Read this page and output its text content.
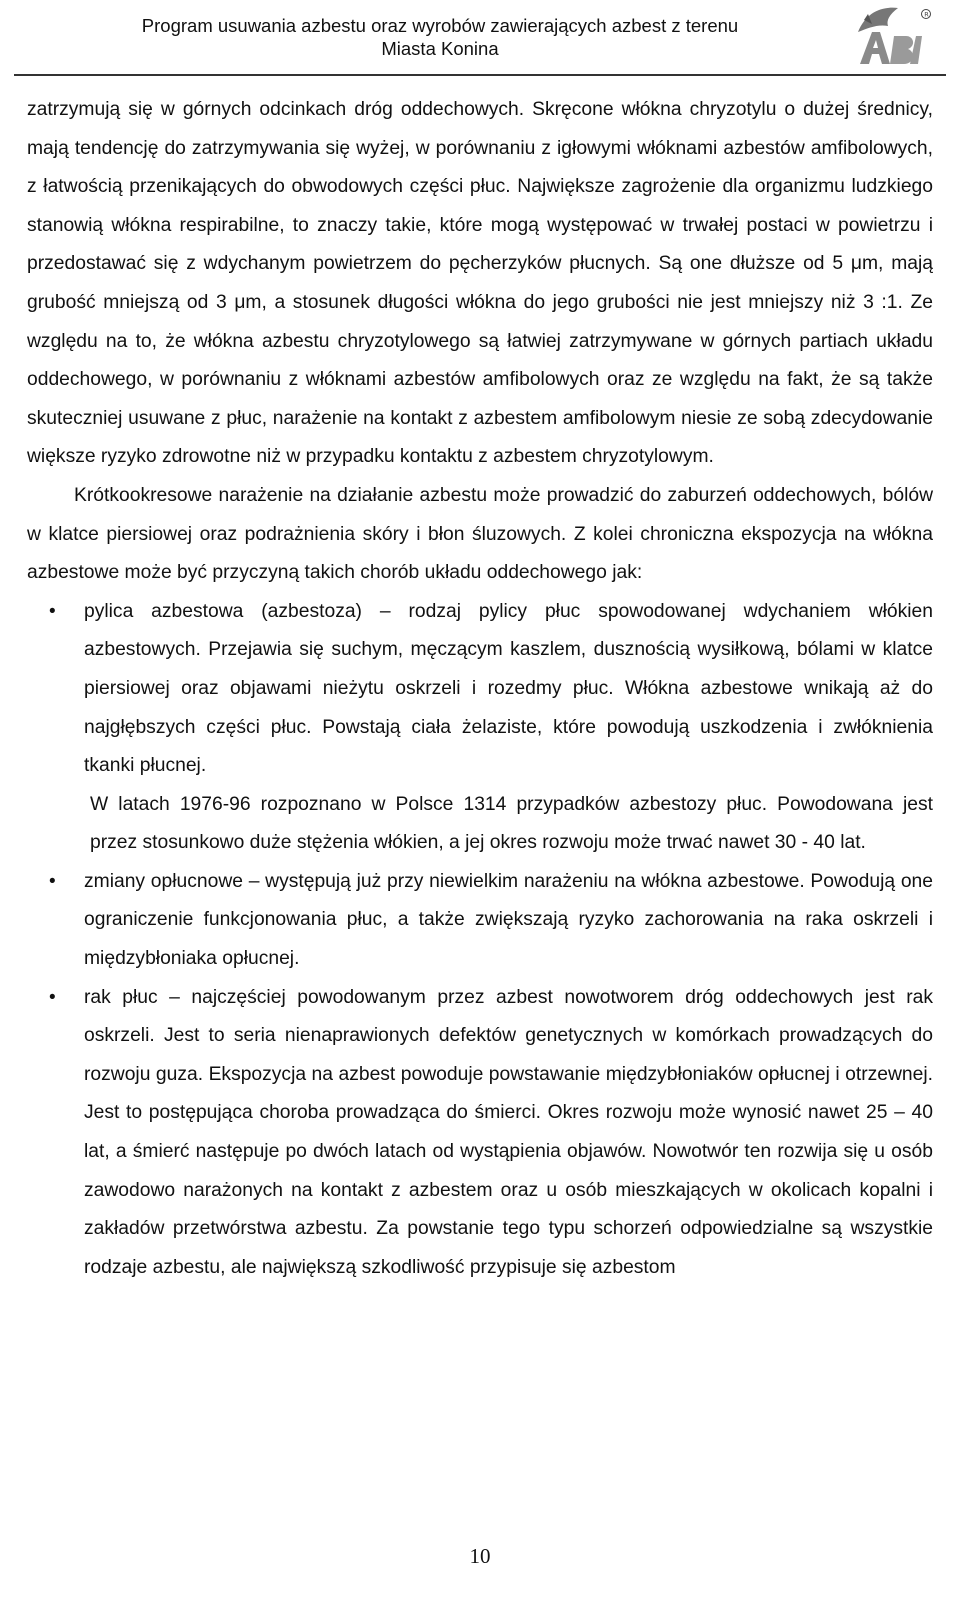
Program usuwania azbestu oraz wyrobów zawierających azbest z terenu
Miasta Konina
R

zatrzymują się w górnych odcinkach dróg oddechowych. Skręcone włókna chryzotylu o dużej średnicy, mają tendencję do zatrzymywania się wyżej, w porównaniu z igłowymi włóknami azbestów amfibolowych, z łatwością przenikających do obwodowych części płuc. Największe zagrożenie dla organizmu ludzkiego stanowią włókna respirabilne, to znaczy takie, które mogą występować w trwałej postaci w powietrzu i przedostawać się z wdychanym powietrzem do pęcherzyków płucnych. Są one dłuższe od 5 μm, mają grubość mniejszą od 3 μm, a stosunek długości włókna do jego grubości nie jest mniejszy niż 3 :1. Ze względu na to, że włókna azbestu chryzotylowego są łatwiej zatrzymywane w górnych partiach układu oddechowego, w porównaniu z włóknami azbestów amfibolowych oraz ze względu na fakt, że są także skuteczniej usuwane z płuc, narażenie na kontakt z azbestem amfibolowym niesie ze sobą zdecydowanie większe ryzyko zdrowotne niż w przypadku kontaktu z azbestem chryzotylowym.

Krótkookresowe narażenie na działanie azbestu może prowadzić do zaburzeń oddechowych, bólów w klatce piersiowej oraz podrażnienia skóry i błon śluzowych. Z kolei chroniczna ekspozycja na włókna azbestowe może być przyczyną takich chorób układu oddechowego jak:

• pylica azbestowa (azbestoza) – rodzaj pylicy płuc spowodowanej wdychaniem włókien azbestowych. Przejawia się suchym, męczącym kaszlem, dusznością wysiłkową, bólami w klatce piersiowej oraz objawami nieżytu oskrzeli i rozedmy płuc. Włókna azbestowe wnikają aż do najgłębszych części płuc. Powstają ciała żelaziste, które powodują uszkodzenia i zwłóknienia tkanki płucnej.

W latach 1976-96 rozpoznano w Polsce 1314 przypadków azbestozy płuc. Powodowana jest przez stosunkowo duże stężenia włókien, a jej okres rozwoju może trwać nawet 30 - 40 lat.

• zmiany opłucnowe – występują już przy niewielkim narażeniu na włókna azbestowe. Powodują one ograniczenie funkcjonowania płuc, a także zwiększają ryzyko zachorowania na raka oskrzeli i międzybłoniaka opłucnej.

• rak płuc – najczęściej powodowanym przez azbest nowotworem dróg oddechowych jest rak oskrzeli. Jest to seria nienaprawionych defektów genetycznych w komórkach prowadzących do rozwoju guza. Ekspozycja na azbest powoduje powstawanie międzybłoniaków opłucnej i otrzewnej. Jest to postępująca choroba prowadząca do śmierci. Okres rozwoju może wynosić nawet 25 – 40 lat, a śmierć następuje po dwóch latach od wystąpienia objawów. Nowotwór ten rozwija się u osób zawodowo narażonych na kontakt z azbestem oraz u osób mieszkających w okolicach kopalni i zakładów przetwórstwa azbestu. Za powstanie tego typu schorzeń odpowiedzialne są wszystkie rodzaje azbestu, ale największą szkodliwość przypisuje się azbestom

10
